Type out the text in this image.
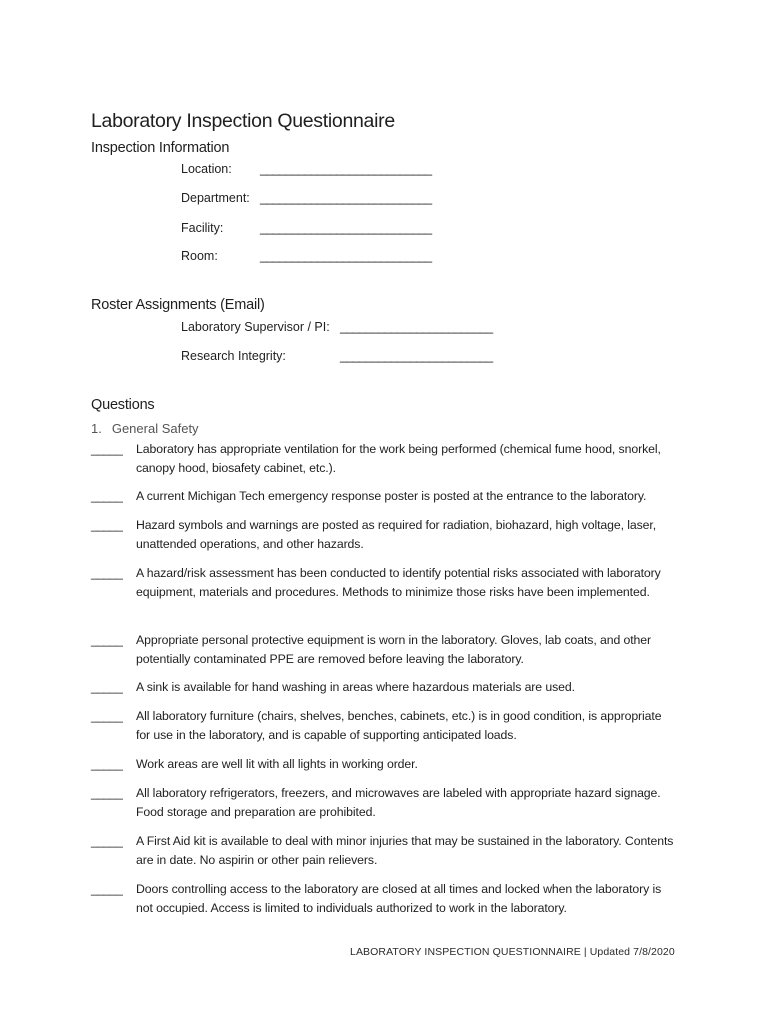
Laboratory Inspection Questionnaire
Inspection Information
Location: ___________________________
Department: ___________________________
Facility:	___________________________
Room:	___________________________
Roster Assignments (Email)
Laboratory Supervisor / PI: ________________________
Research Integrity:	________________________
Questions
1. General Safety
_____	Laboratory has appropriate ventilation for the work being performed (chemical fume hood, snorkel, canopy hood, biosafety cabinet, etc.).
_____	A current Michigan Tech emergency response poster is posted at the entrance to the laboratory.
_____	Hazard symbols and warnings are posted as required for radiation, biohazard, high voltage, laser, unattended operations, and other hazards.
_____	A hazard/risk assessment has been conducted to identify potential risks associated with laboratory equipment, materials and procedures. Methods to minimize those risks have been implemented.
_____	Appropriate personal protective equipment is worn in the laboratory. Gloves, lab coats, and other potentially contaminated PPE are removed before leaving the laboratory.
_____	A sink is available for hand washing in areas where hazardous materials are used.
_____	All laboratory furniture (chairs, shelves, benches, cabinets, etc.) is in good condition, is appropriate for use in the laboratory, and is capable of supporting anticipated loads.
_____	Work areas are well lit with all lights in working order.
_____	All laboratory refrigerators, freezers, and microwaves are labeled with appropriate hazard signage. Food storage and preparation are prohibited.
_____	A First Aid kit is available to deal with minor injuries that may be sustained in the laboratory. Contents are in date. No aspirin or other pain relievers.
_____	Doors controlling access to the laboratory are closed at all times and locked when the laboratory is not occupied. Access is limited to individuals authorized to work in the laboratory.
LABORATORY INSPECTION QUESTIONNAIRE | Updated 7/8/2020
